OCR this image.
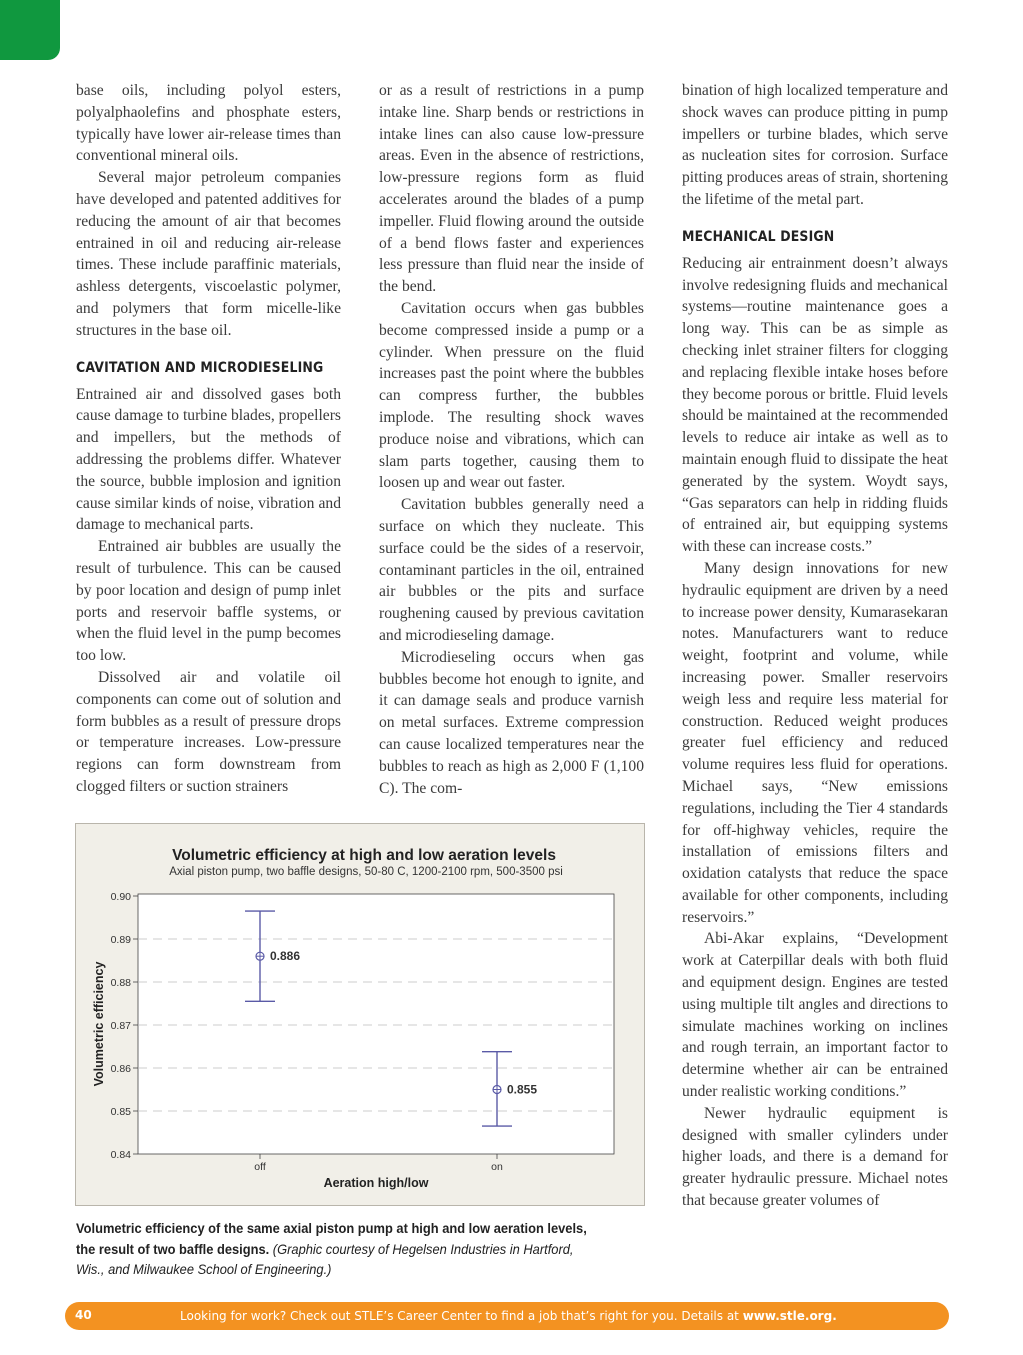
base oils, including polyol esters, polyalphaolefins and phosphate esters, typically have lower air-release times than conventional mineral oils.

Several major petroleum companies have developed and patented additives for reducing the amount of air that becomes entrained in oil and reducing air-release times. These include paraffinic materials, ashless detergents, viscoelastic polymer, and polymers that form micelle-like structures in the base oil.

CAVITATION AND MICRODIESELING

Entrained air and dissolved gases both cause damage to turbine blades, propellers and impellers, but the methods of addressing the problems differ. Whatever the source, bubble implosion and ignition cause similar kinds of noise, vibration and damage to mechanical parts.

Entrained air bubbles are usually the result of turbulence. This can be caused by poor location and design of pump inlet ports and reservoir baffle systems, or when the fluid level in the pump becomes too low.

Dissolved air and volatile oil components can come out of solution and form bubbles as a result of pressure drops or temperature increases. Low-pressure regions can form downstream from clogged filters or suction strainers

or as a result of restrictions in a pump intake line. Sharp bends or restrictions in intake lines can also cause low-pressure areas. Even in the absence of restrictions, low-pressure regions form as fluid accelerates around the blades of a pump impeller. Fluid flowing around the outside of a bend flows faster and experiences less pressure than fluid near the inside of the bend.

Cavitation occurs when gas bubbles become compressed inside a pump or a cylinder. When pressure on the fluid increases past the point where the bubbles can compress further, the bubbles implode. The resulting shock waves produce noise and vibrations, which can slam parts together, causing them to loosen up and wear out faster.

Cavitation bubbles generally need a surface on which they nucleate. This surface could be the sides of a reservoir, contaminant particles in the oil, entrained air bubbles or the pits and surface roughening caused by previous cavitation and microdieseling damage.

Microdieseling occurs when gas bubbles become hot enough to ignite, and it can damage seals and produce varnish on metal surfaces. Extreme compression can cause localized temperatures near the bubbles to reach as high as 2,000 F (1,100 C). The com-

bination of high localized temperature and shock waves can produce pitting in pump impellers or turbine blades, which serve as nucleation sites for corrosion. Surface pitting produces areas of strain, shortening the lifetime of the metal part.

MECHANICAL DESIGN

Reducing air entrainment doesn’t always involve redesigning fluids and mechanical systems—routine maintenance goes a long way. This can be as simple as checking inlet strainer filters for clogging and replacing flexible intake hoses before they become porous or brittle. Fluid levels should be maintained at the recommended levels to reduce air intake as well as to maintain enough fluid to dissipate the heat generated by the system. Woydt says, “Gas separators can help in ridding fluids of entrained air, but equipping systems with these can increase costs.”

Many design innovations for new hydraulic equipment are driven by a need to increase power density, Kumarasekaran notes. Manufacturers want to reduce weight, footprint and volume, while increasing power. Smaller reservoirs weigh less and require less material for construction. Reduced weight produces greater fuel efficiency and reduced volume requires less fluid for operations. Michael says, “New emissions regulations, including the Tier 4 standards for off-highway vehicles, require the installation of emissions filters and oxidation catalysts that reduce the space available for other components, including reservoirs.”

Abi-Akar explains, “Development work at Caterpillar deals with both fluid and equipment design. Engines are tested using multiple tilt angles and directions to simulate machines working on inclines and rough terrain, an important factor to determine whether air can be entrained under realistic working conditions.”

Newer hydraulic equipment is designed with smaller cylinders under higher loads, and there is a demand for greater hydraulic pressure. Michael notes that because greater volumes of

Volumetric efficiency at high and low aeration levels
Axial piston pump, two baffle designs, 50-80 C, 1200-2100 rpm, 500-3500 psi
0.90
0.89
0.88
0.87
0.86
0.85
0.84
off	on
0.886
0.855
Aeration high/low
Volumetric efficiency
Volumetric efficiency of the same axial piston pump at high and low aeration levels, the result of two baffle designs. (Graphic courtesy of Hegelsen Industries in Hartford, Wis., and Milwaukee School of Engineering.)
40	Looking for work? Check out STLE’s Career Center to find a job that’s right for you. Details at www.stle.org.
